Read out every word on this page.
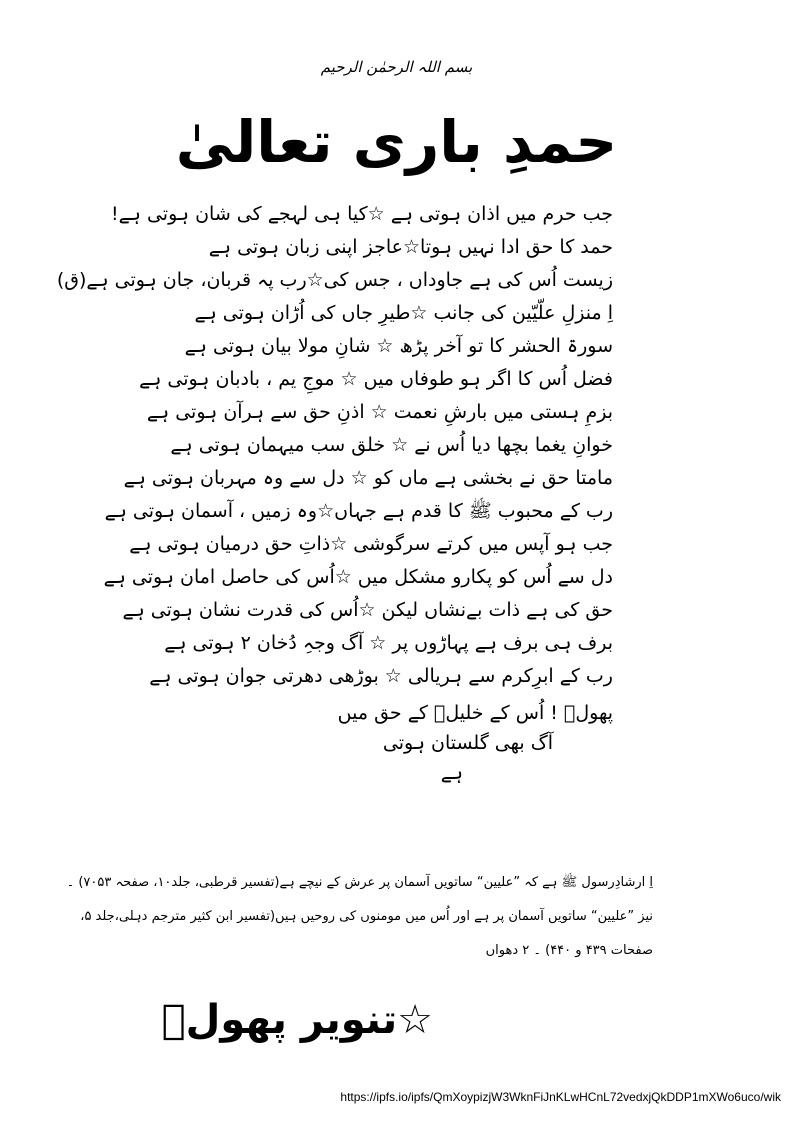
بسم اللہ الرحمٰن الرحیم
حمدِ باری تعالیٰ
جب حرم میں اذان ہوتی ہے ☆کیا ہی لہجے کی شان ہوتی ہے!
حمد کا حق ادا نہیں ہوتا☆عاجز اپنی زبان ہوتی ہے
زیست اُس کی ہے جاوداں ، جس کی☆رب پہ قربان، جان ہوتی ہے(ق)
اِ منزلِ علّیّین کی جانب ☆طیرِ جاں کی اُڑان ہوتی ہے
سورۃ الحشر کا تو آخر پڑھ ☆ شانِ مولا بیان ہوتی ہے
فضل اُس کا اگر ہو طوفاں میں ☆ موجِ یم ، بادبان ہوتی ہے
بزمِ ہستی میں بارشِ نعمت ☆ اذنِ حق سے ہرآن ہوتی ہے
خوانِ یغما بچھا دیا اُس نے ☆ خلق سب میہمان ہوتی ہے
مامتا حق نے بخشی ہے ماں کو ☆ دل سے وہ مہربان ہوتی ہے
رب کے محبوب ﷺ کا قدم ہے جہاں☆وہ زمیں ، آسمان ہوتی ہے
جب ہو آپس میں کرتے سرگوشی ☆ذاتِ حق درمیان ہوتی ہے
دل سے اُس کو پکارو مشکل میں ☆اُس کی حاصل امان ہوتی ہے
حق کی ہے ذات بےنشاں لیکن ☆اُس کی قدرت نشان ہوتی ہے
برف ہی برف ہے پہاڑوں پر ☆ آگ وجہِ دُخان ۲ ہوتی ہے
رب کے ابرِکرم سے ہریالی ☆ بوڑھی دھرتی جوان ہوتی ہے
پھولؔ ! اُس کے خلیلؑ کے حق میں
آگ بھی گلستان ہوتی
ہے
اِ ارشادِرسول ﷺ ہے کہ ”علیین“ ساتویں آسمان پر عرش کے نیچے ہے(تفسیر قرطبی، جلد۱۰، صفحہ ۷۰۵۳) ۔
نیز ”علیین“ ساتویں آسمان پر ہے اور اُس میں مومنوں کی روحیں ہیں(تفسیر ابن کثیر مترجم دہلی،جلد ۵،
صفحات ۴۳۹ و ۴۴۰) ۔ ۲ دھواں
☆تنویر پھولؔ
https://ipfs.io/ipfs/QmXoypizjW3WknFiJnKLwHCnL72vedxjQkDDP1mXWo6uco/wik
